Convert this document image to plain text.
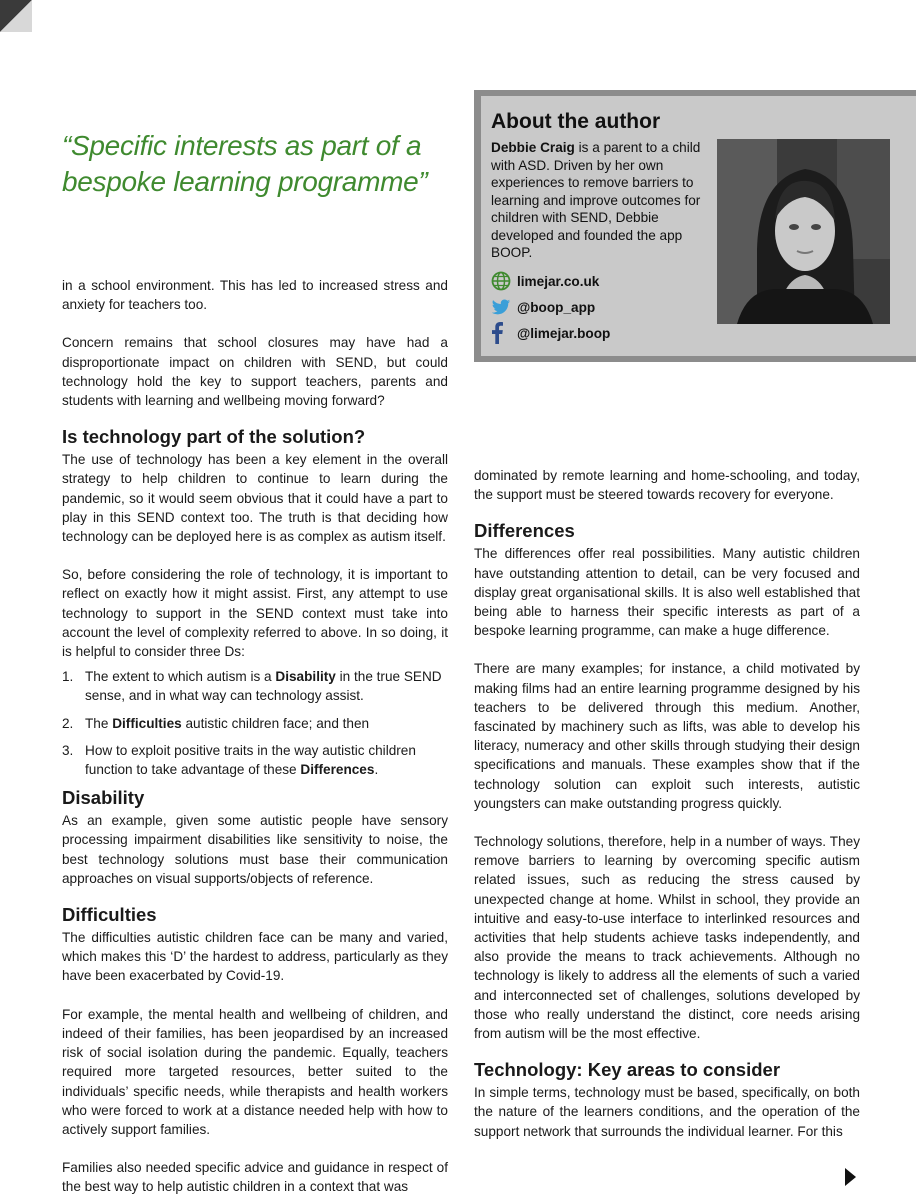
“Specific interests as part of a bespoke learning programme”
About the author
Debbie Craig is a parent to a child with ASD. Driven by her own experiences to remove barriers to learning and improve outcomes for children with SEND, Debbie developed and founded the app BOOP.
limejar.co.uk
@boop_app
@limejar.boop

in a school environment. This has led to increased stress and anxiety for teachers too.

Concern remains that school closures may have had a disproportionate impact on children with SEND, but could technology hold the key to support teachers, parents and students with learning and wellbeing moving forward?

Is technology part of the solution?

The use of technology has been a key element in the overall strategy to help children to continue to learn during the pandemic, so it would seem obvious that it could have a part to play in this SEND context too. The truth is that deciding how technology can be deployed here is as complex as autism itself.

So, before considering the role of technology, it is important to reflect on exactly how it might assist. First, any attempt to use technology to support in the SEND context must take into account the level of complexity referred to above. In so doing, it is helpful to consider three Ds:

1. The extent to which autism is a Disability in the true SEND sense, and in what way can technology assist.
2. The Difficulties autistic children face; and then
3. How to exploit positive traits in the way autistic children function to take advantage of these Differences.
Disability

As an example, given some autistic people have sensory processing impairment disabilities like sensitivity to noise, the best technology solutions must base their communication approaches on visual supports/objects of reference.

Difficulties

The difficulties autistic children face can be many and varied, which makes this ‘D’ the hardest to address, particularly as they have been exacerbated by Covid-19.

For example, the mental health and wellbeing of children, and indeed of their families, has been jeopardised by an increased risk of social isolation during the pandemic. Equally, teachers required more targeted resources, better suited to the individuals’ specific needs, while therapists and health workers who were forced to work at a distance needed help with how to actively support families.

Families also needed specific advice and guidance in respect of the best way to help autistic children in a context that was

dominated by remote learning and home-schooling, and today, the support must be steered towards recovery for everyone.

Differences

The differences offer real possibilities. Many autistic children have outstanding attention to detail, can be very focused and display great organisational skills. It is also well established that being able to harness their specific interests as part of a bespoke learning programme, can make a huge difference.

There are many examples; for instance, a child motivated by making films had an entire learning programme designed by his teachers to be delivered through this medium. Another, fascinated by machinery such as lifts, was able to develop his literacy, numeracy and other skills through studying their design specifications and manuals. These examples show that if the technology solution can exploit such interests, autistic youngsters can make outstanding progress quickly.

Technology solutions, therefore, help in a number of ways. They remove barriers to learning by overcoming specific autism related issues, such as reducing the stress caused by unexpected change at home. Whilst in school, they provide an intuitive and easy-to-use interface to interlinked resources and activities that help students achieve tasks independently, and also provide the means to track achievements. Although no technology is likely to address all the elements of such a varied and interconnected set of challenges, solutions developed by those who really understand the distinct, core needs arising from autism will be the most effective.

Technology: Key areas to consider

In simple terms, technology must be based, specifically, on both the nature of the learners conditions, and the operation of the support network that surrounds the individual learner. For this
